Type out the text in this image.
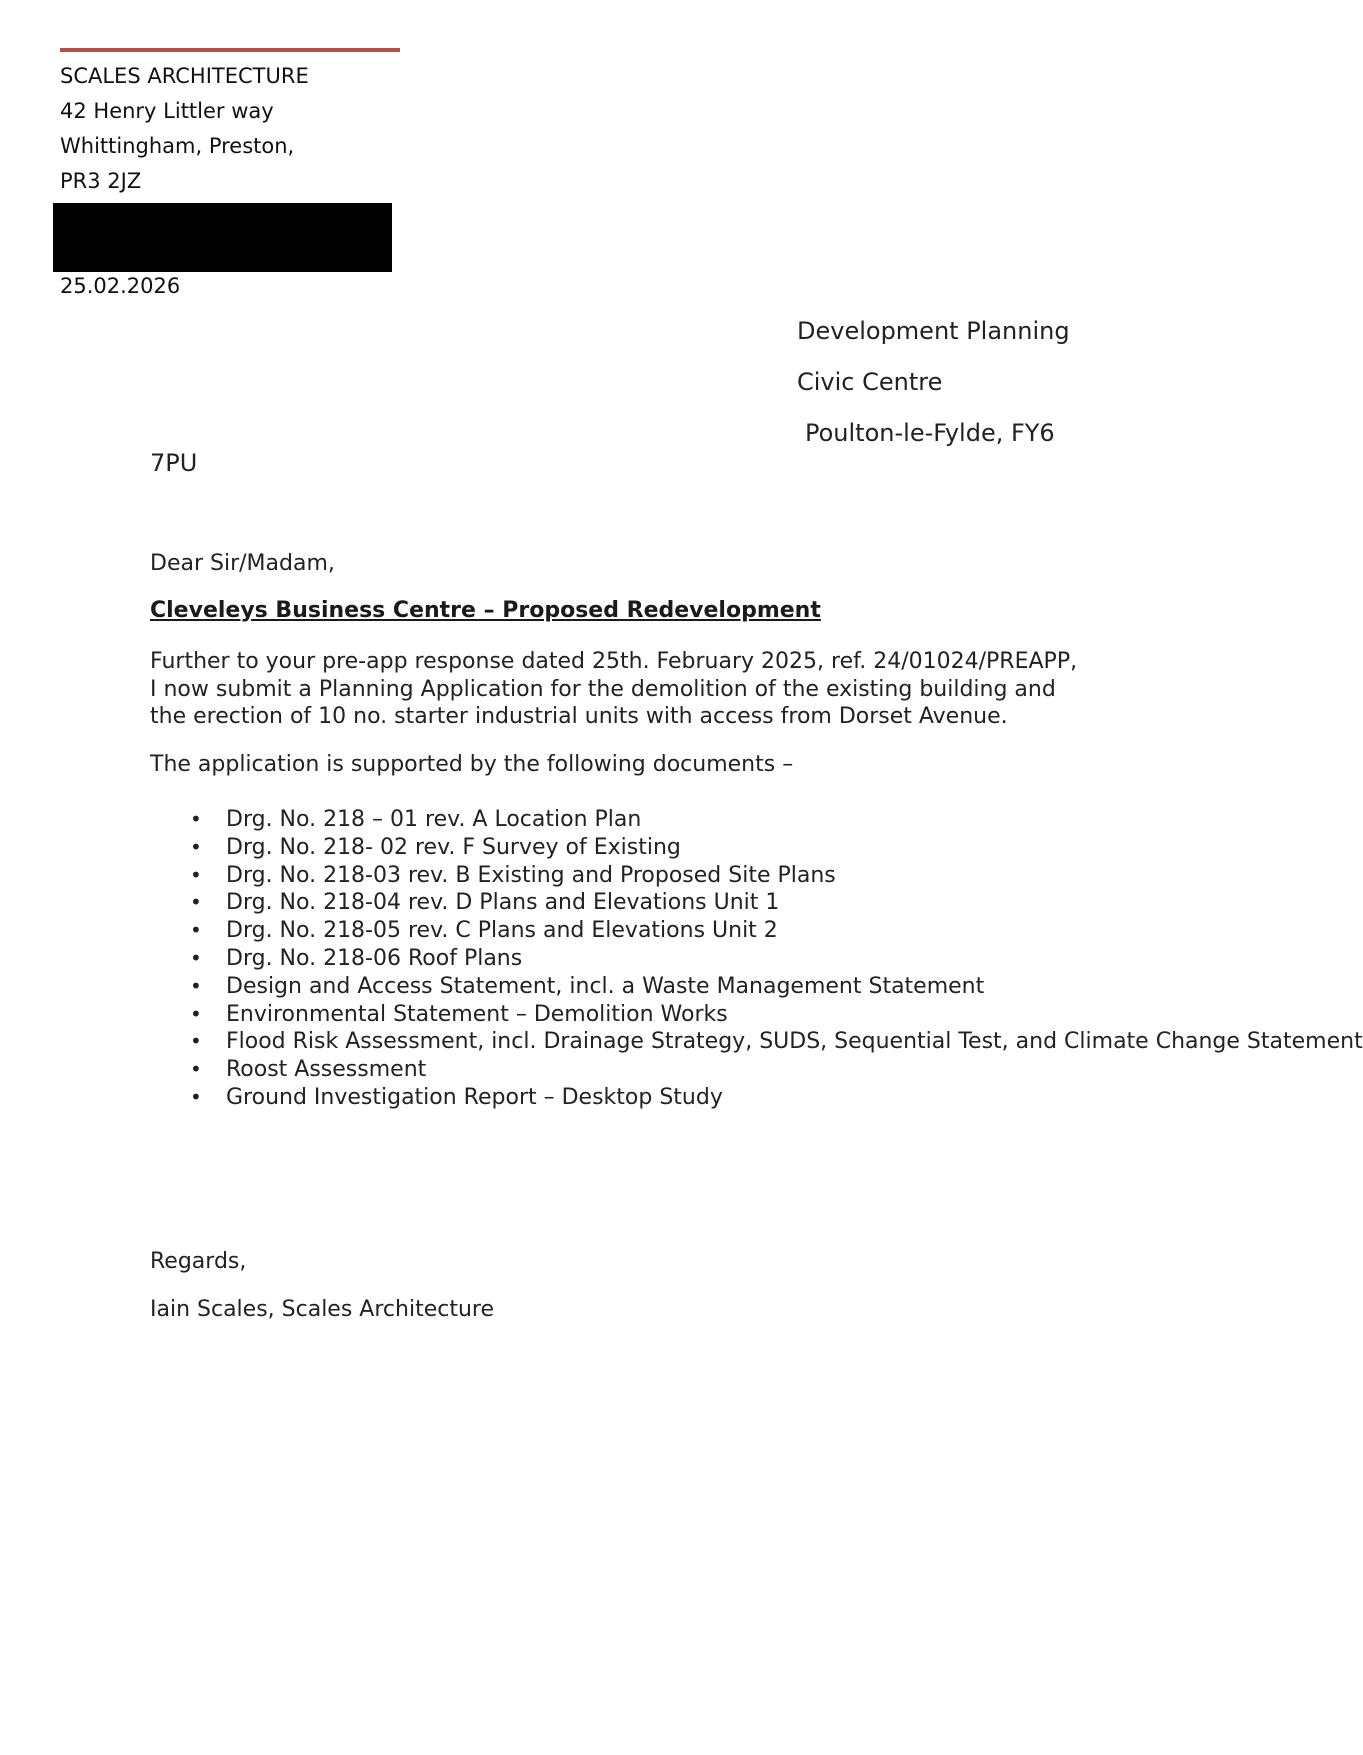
SCALES ARCHITECTURE
42 Henry Littler way
Whittingham, Preston,
PR3 2JZ
25.02.2026
Development Planning
Civic Centre
Poulton-le-Fylde, FY6
7PU
Dear Sir/Madam,
Cleveleys Business Centre – Proposed Redevelopment
Further to your pre-app response dated 25th. February 2025, ref. 24/01024/PREAPP, I now submit a Planning Application for the demolition of the existing building and the erection of 10 no. starter industrial units with access from Dorset Avenue.
The application is supported by the following documents –
• Drg. No. 218 – 01 rev. A Location Plan
• Drg. No. 218- 02 rev. F Survey of Existing
• Drg. No. 218-03 rev. B Existing and Proposed Site Plans
• Drg. No. 218-04 rev. D Plans and Elevations Unit 1
• Drg. No. 218-05 rev. C Plans and Elevations Unit 2
• Drg. No. 218-06 Roof Plans
• Design and Access Statement, incl. a Waste Management Statement
• Environmental Statement – Demolition Works
• Flood Risk Assessment, incl. Drainage Strategy, SUDS, Sequential Test, and Climate Change Statement
• Roost Assessment
• Ground Investigation Report – Desktop Study
Regards,
Iain Scales, Scales Architecture
